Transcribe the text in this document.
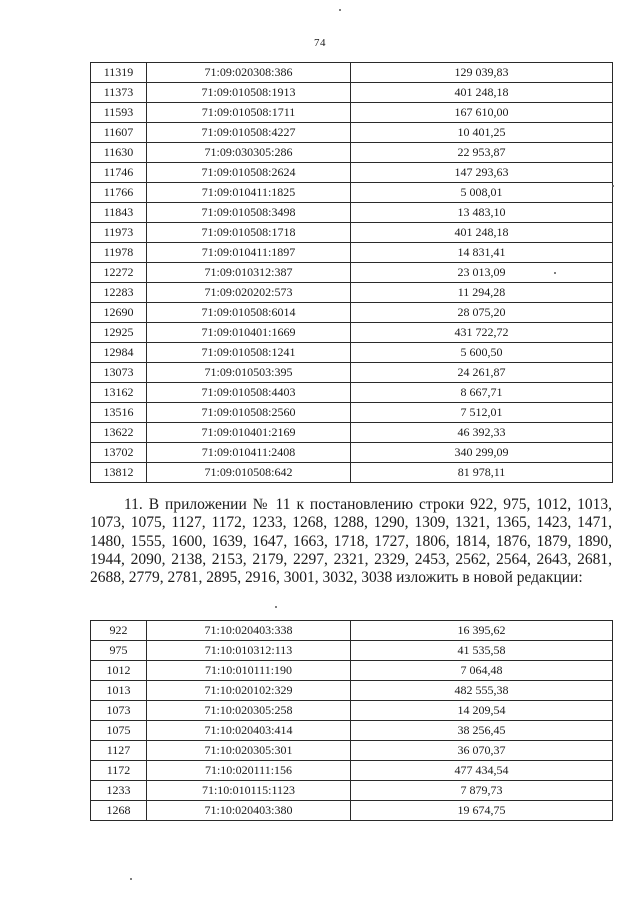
74
11319	71:09:020308:386	129 039,83
11373	71:09:010508:1913	401 248,18
11593	71:09:010508:1711	167 610,00
11607	71:09:010508:4227	10 401,25
11630	71:09:030305:286	22 953,87
11746	71:09:010508:2624	147 293,63
11766	71:09:010411:1825	5 008,01
11843	71:09:010508:3498	13 483,10
11973	71:09:010508:1718	401 248,18
11978	71:09:010411:1897	14 831,41
12272	71:09:010312:387	23 013,09
12283	71:09:020202:573	11 294,28
12690	71:09:010508:6014	28 075,20
12925	71:09:010401:1669	431 722,72
12984	71:09:010508:1241	5 600,50
13073	71:09:010503:395	24 261,87
13162	71:09:010508:4403	8 667,71
13516	71:09:010508:2560	7 512,01
13622	71:09:010401:2169	46 392,33
13702	71:09:010411:2408	340 299,09
13812	71:09:010508:642	81 978,11

11. В приложении № 11 к постановлению строки 922, 975, 1012, 1013, 1073, 1075, 1127, 1172, 1233, 1268, 1288, 1290, 1309, 1321, 1365, 1423, 1471, 1480, 1555, 1600, 1639, 1647, 1663, 1718, 1727, 1806, 1814, 1876, 1879, 1890, 1944, 2090, 2138, 2153, 2179, 2297, 2321, 2329, 2453, 2562, 2564, 2643, 2681, 2688, 2779, 2781, 2895, 2916, 3001, 3032, 3038 изложить в новой редакции:

922	71:10:020403:338	16 395,62
975	71:10:010312:113	41 535,58
1012	71:10:010111:190	7 064,48
1013	71:10:020102:329	482 555,38
1073	71:10:020305:258	14 209,54
1075	71:10:020403:414	38 256,45
1127	71:10:020305:301	36 070,37
1172	71:10:020111:156	477 434,54
1233	71:10:010115:1123	7 879,73
1268	71:10:020403:380	19 674,75
